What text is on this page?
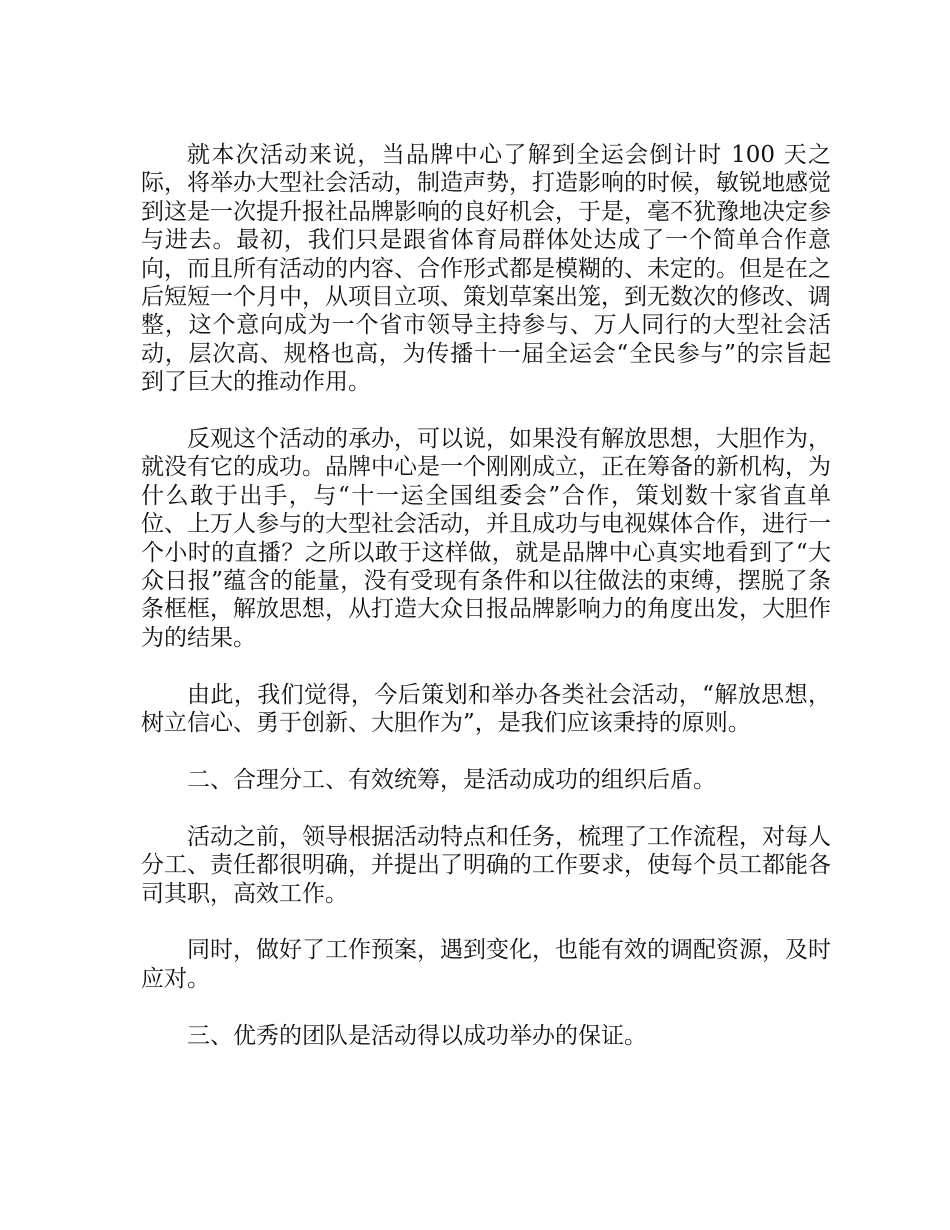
就本次活动来说，当品牌中心了解到全运会倒计时 100 天之际，将举办大型社会活动，制造声势，打造影响的时候，敏锐地感觉到这是一次提升报社品牌影响的良好机会，于是，毫不犹豫地决定参与进去。最初，我们只是跟省体育局群体处达成了一个简单合作意向，而且所有活动的内容、合作形式都是模糊的、未定的。但是在之后短短一个月中，从项目立项、策划草案出笼，到无数次的修改、调整，这个意向成为一个省市领导主持参与、万人同行的大型社会活动，层次高、规格也高，为传播十一届全运会“全民参与”的宗旨起到了巨大的推动作用。

反观这个活动的承办，可以说，如果没有解放思想，大胆作为，就没有它的成功。品牌中心是一个刚刚成立，正在筹备的新机构，为什么敢于出手，与“十一运全国组委会”合作，策划数十家省直单位、上万人参与的大型社会活动，并且成功与电视媒体合作，进行一个小时的直播？之所以敢于这样做，就是品牌中心真实地看到了“大众日报”蕴含的能量，没有受现有条件和以往做法的束缚，摆脱了条条框框，解放思想，从打造大众日报品牌影响力的角度出发，大胆作为的结果。

由此，我们觉得，今后策划和举办各类社会活动，“解放思想，树立信心、勇于创新、大胆作为”，是我们应该秉持的原则。

二、合理分工、有效统筹，是活动成功的组织后盾。

活动之前，领导根据活动特点和任务，梳理了工作流程，对每人分工、责任都很明确，并提出了明确的工作要求，使每个员工都能各司其职，高效工作。

同时，做好了工作预案，遇到变化，也能有效的调配资源，及时应对。

三、优秀的团队是活动得以成功举办的保证。
